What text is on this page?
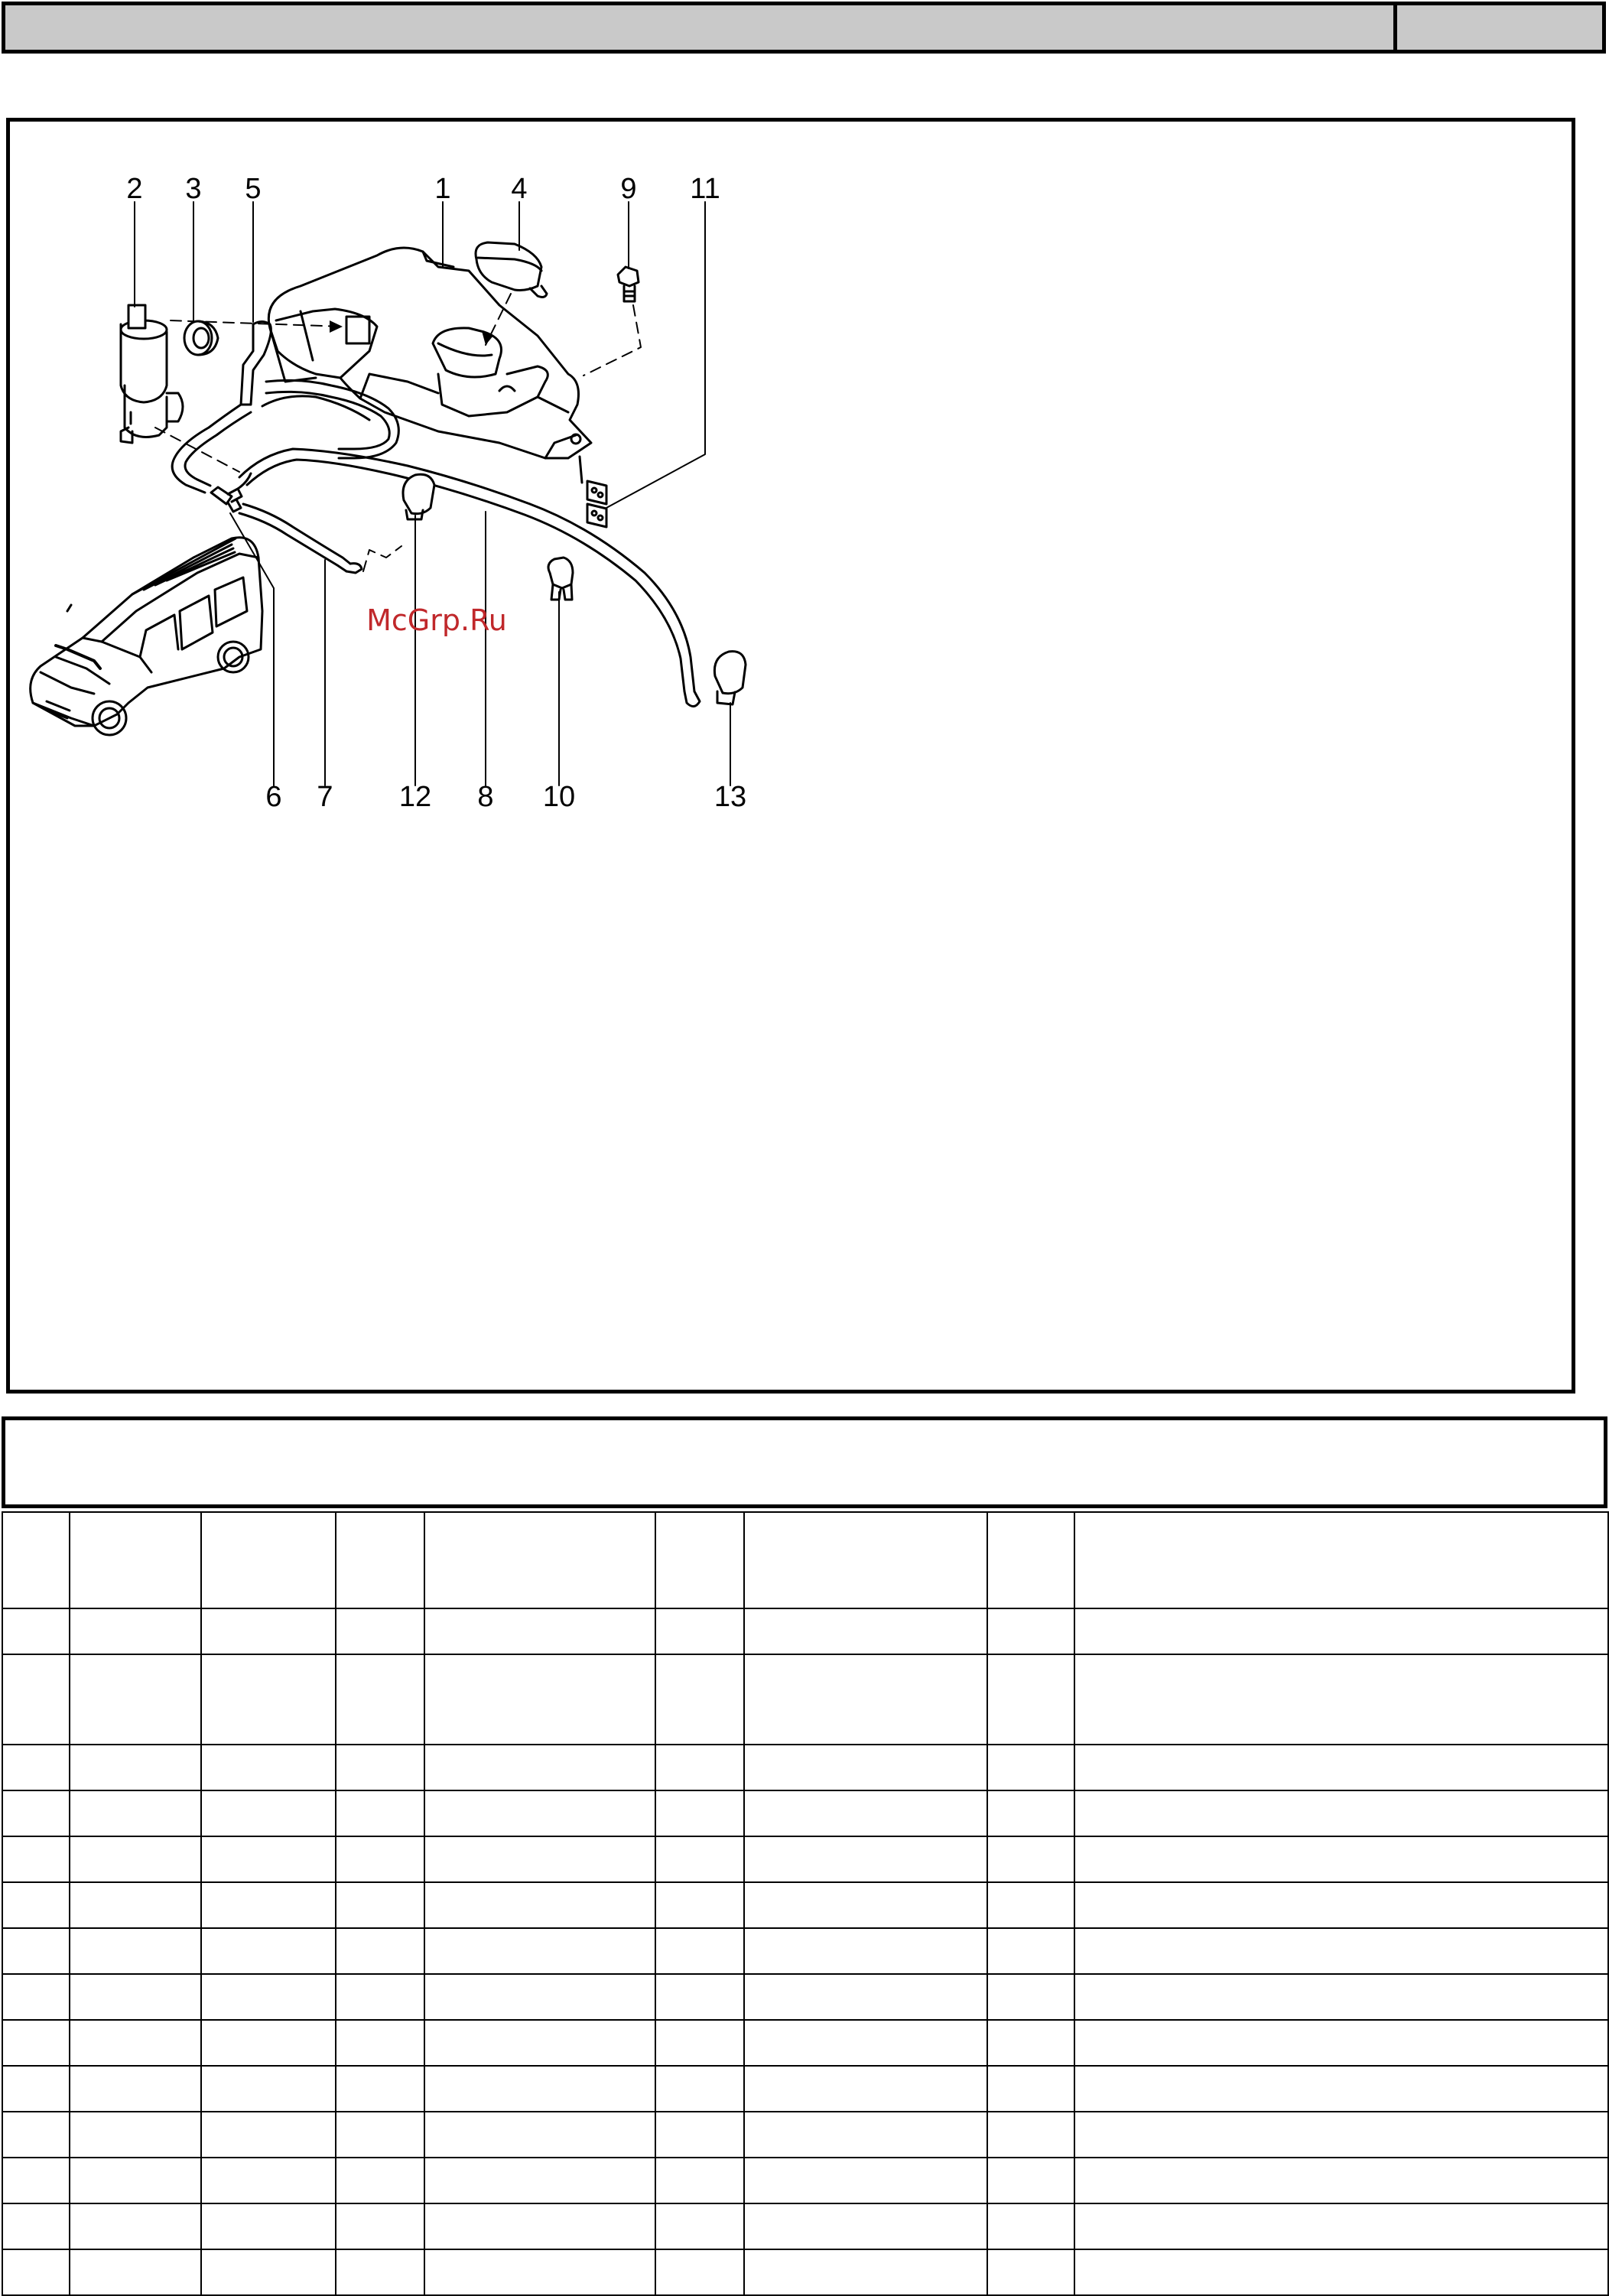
1
2 3	4
5
6 7	8
9
10
11
12	13
McGrp.Ru
